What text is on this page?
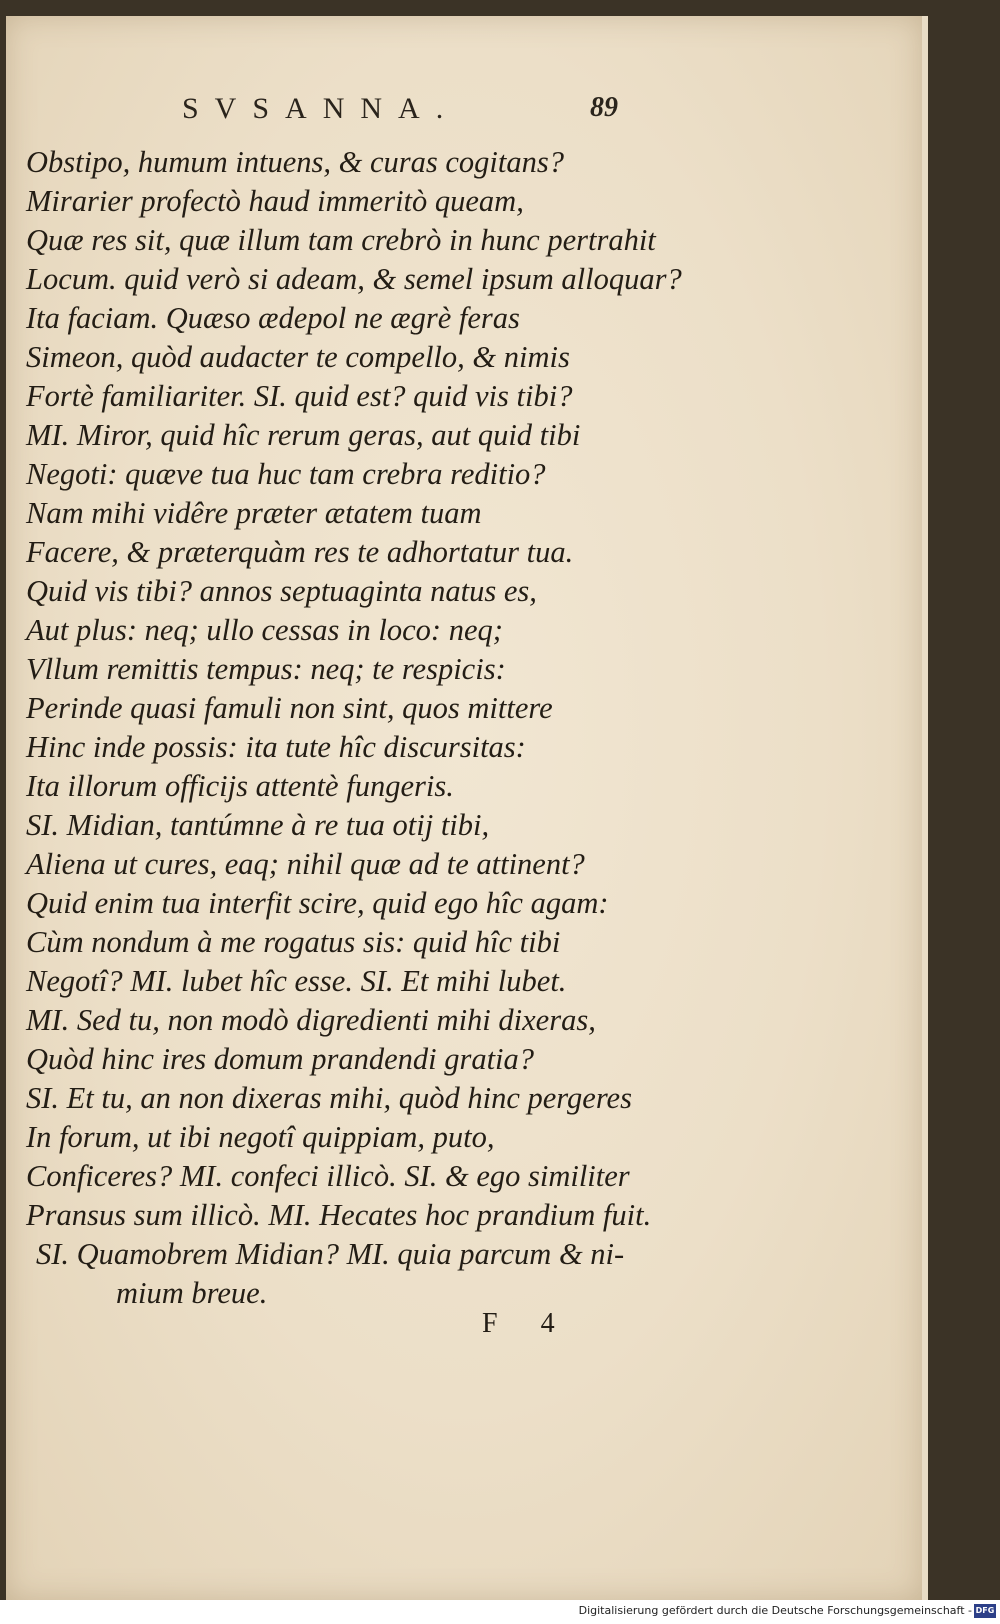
SVSANNA.	89
Obstipo, humum intuens, & curas cogitans?
Mirarier profectò haud immeritò queam,
Quæ res sit, quæ illum tam crebrò in hunc pertrahit
Locum. quid verò si adeam, & semel ipsum alloquar?
Ita faciam. Quæso ædepol ne ægrè feras
Simeon, quòd audacter te compello, & nimis
Fortè familiariter. SI. quid est? quid vis tibi?
MI. Miror, quid hîc rerum geras, aut quid tibi
Negoti: quæve tua huc tam crebra reditio?
Nam mihi vidêre præter ætatem tuam
Facere, & præterquàm res te adhortatur tua.
Quid vis tibi? annos septuaginta natus es,
Aut plus: neq; ullo cessas in loco: neq;
Vllum remittis tempus: neq; te respicis:
Perinde quasi famuli non sint, quos mittere
Hinc inde possis: ita tute hîc discursitas:
Ita illorum officijs attentè fungeris.
SI. Midian, tantúmne à re tua otij tibi,
Aliena ut cures, eaq; nihil quæ ad te attinent?
Quid enim tua interfit scire, quid ego hîc agam:
Cùm nondum à me rogatus sis: quid hîc tibi
Negotî? MI. lubet hîc esse. SI. Et mihi lubet.
MI. Sed tu, non modò digredienti mihi dixeras,
Quòd hinc ires domum prandendi gratia?
SI. Et tu, an non dixeras mihi, quòd hinc pergeres
In forum, ut ibi negotî quippiam, puto,
Conficeres? MI. confeci illicò. SI. & ego similiter
Pransus sum illicò. MI. Hecates hoc prandium fuit.
SI. Quamobrem Midian? MI. quia parcum & ni-
mium breue.
F 4
Digitalisierung gefördert durch die Deutsche Forschungsgemeinschaft - DFG
